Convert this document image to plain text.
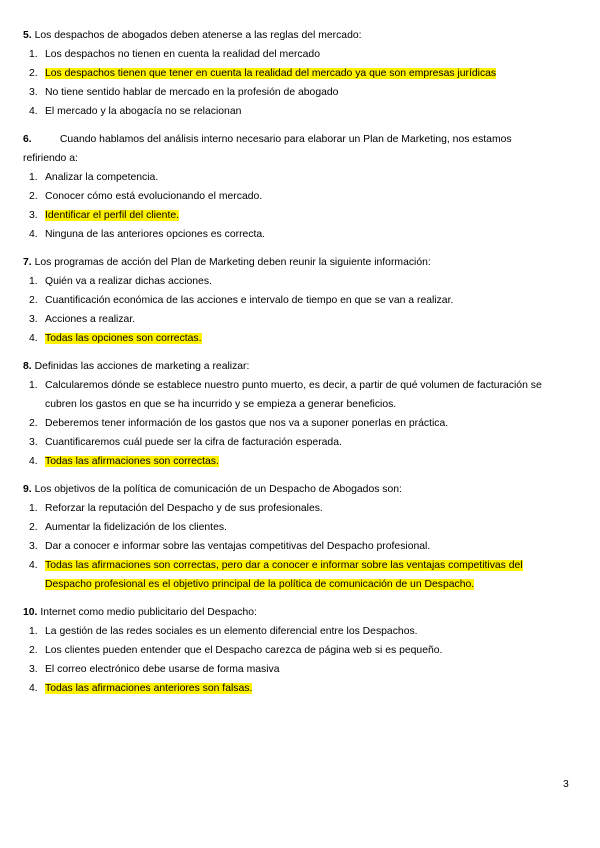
5. Los despachos de abogados deben atenerse a las reglas del mercado:
1. Los despachos no tienen en cuenta la realidad del mercado
2. Los despachos tienen que tener en cuenta la realidad del mercado ya que son empresas jurídicas
3. No tiene sentido hablar de mercado en la profesión de abogado
4. El mercado y la abogacía no se relacionan
6.	Cuando hablamos del análisis interno necesario para elaborar un Plan de Marketing, nos estamos refiriendo a:
1. Analizar la competencia.
2. Conocer cómo está evolucionando el mercado.
3. Identificar el perfil del cliente.
4. Ninguna de las anteriores opciones es correcta.
7. Los programas de acción del Plan de Marketing deben reunir la siguiente información:
1. Quién va a realizar dichas acciones.
2. Cuantificación económica de las acciones e intervalo de tiempo en que se van a realizar.
3. Acciones a realizar.
4. Todas las opciones son correctas.
8. Definidas las acciones de marketing a realizar:
1. Calcularemos dónde se establece nuestro punto muerto, es decir, a partir de qué volumen de facturación se cubren los gastos en que se ha incurrido y se empieza a generar beneficios.
2. Deberemos tener información de los gastos que nos va a suponer ponerlas en práctica.
3. Cuantificaremos cuál puede ser la cifra de facturación esperada.
4. Todas las afirmaciones son correctas.
9. Los objetivos de la política de comunicación de un Despacho de Abogados son:
1. Reforzar la reputación del Despacho y de sus profesionales.
2. Aumentar la fidelización de los clientes.
3. Dar a conocer e informar sobre las ventajas competitivas del Despacho profesional.
4. Todas las afirmaciones son correctas, pero dar a conocer e informar sobre las ventajas competitivas del Despacho profesional es el objetivo principal de la política de comunicación de un Despacho.
10. Internet como medio publicitario del Despacho:
1. La gestión de las redes sociales es un elemento diferencial entre los Despachos.
2. Los clientes pueden entender que el Despacho carezca de página web si es pequeño.
3. El correo electrónico debe usarse de forma masiva
4. Todas las afirmaciones anteriores son falsas.
3
